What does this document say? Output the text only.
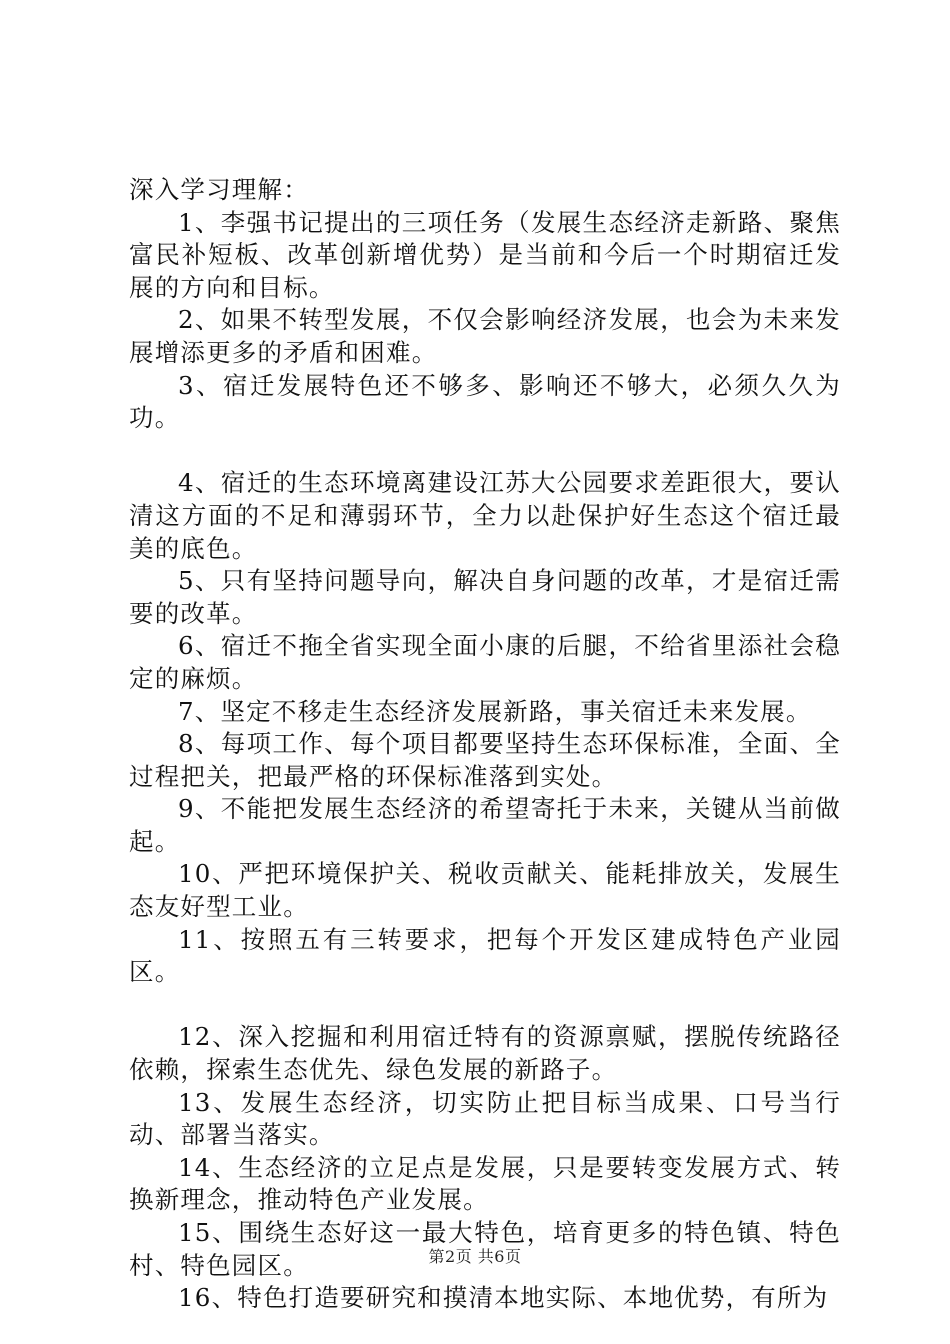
深入学习理解：

1、李强书记提出的三项任务（发展生态经济走新路、聚焦富民补短板、改革创新增优势）是当前和今后一个时期宿迁发展的方向和目标。

2、如果不转型发展，不仅会影响经济发展，也会为未来发展增添更多的矛盾和困难。

3、宿迁发展特色还不够多、影响还不够大，必须久久为功。

4、宿迁的生态环境离建设江苏大公园要求差距很大，要认清这方面的不足和薄弱环节，全力以赴保护好生态这个宿迁最美的底色。

5、只有坚持问题导向，解决自身问题的改革，才是宿迁需要的改革。

6、宿迁不拖全省实现全面小康的后腿，不给省里添社会稳定的麻烦。

7、坚定不移走生态经济发展新路，事关宿迁未来发展。

8、每项工作、每个项目都要坚持生态环保标准，全面、全过程把关，把最严格的环保标准落到实处。

9、不能把发展生态经济的希望寄托于未来，关键从当前做起。

10、严把环境保护关、税收贡献关、能耗排放关，发展生态友好型工业。

11、按照五有三转要求，把每个开发区建成特色产业园区。

12、深入挖掘和利用宿迁特有的资源禀赋，摆脱传统路径依赖，探索生态优先、绿色发展的新路子。

13、发展生态经济，切实防止把目标当成果、口号当行动、部署当落实。

14、生态经济的立足点是发展，只是要转变发展方式、转换新理念，推动特色产业发展。

15、围绕生态好这一最大特色，培育更多的特色镇、特色村、特色园区。

16、特色打造要研究和摸清本地实际、本地优势，有所为

第2页 共6页
